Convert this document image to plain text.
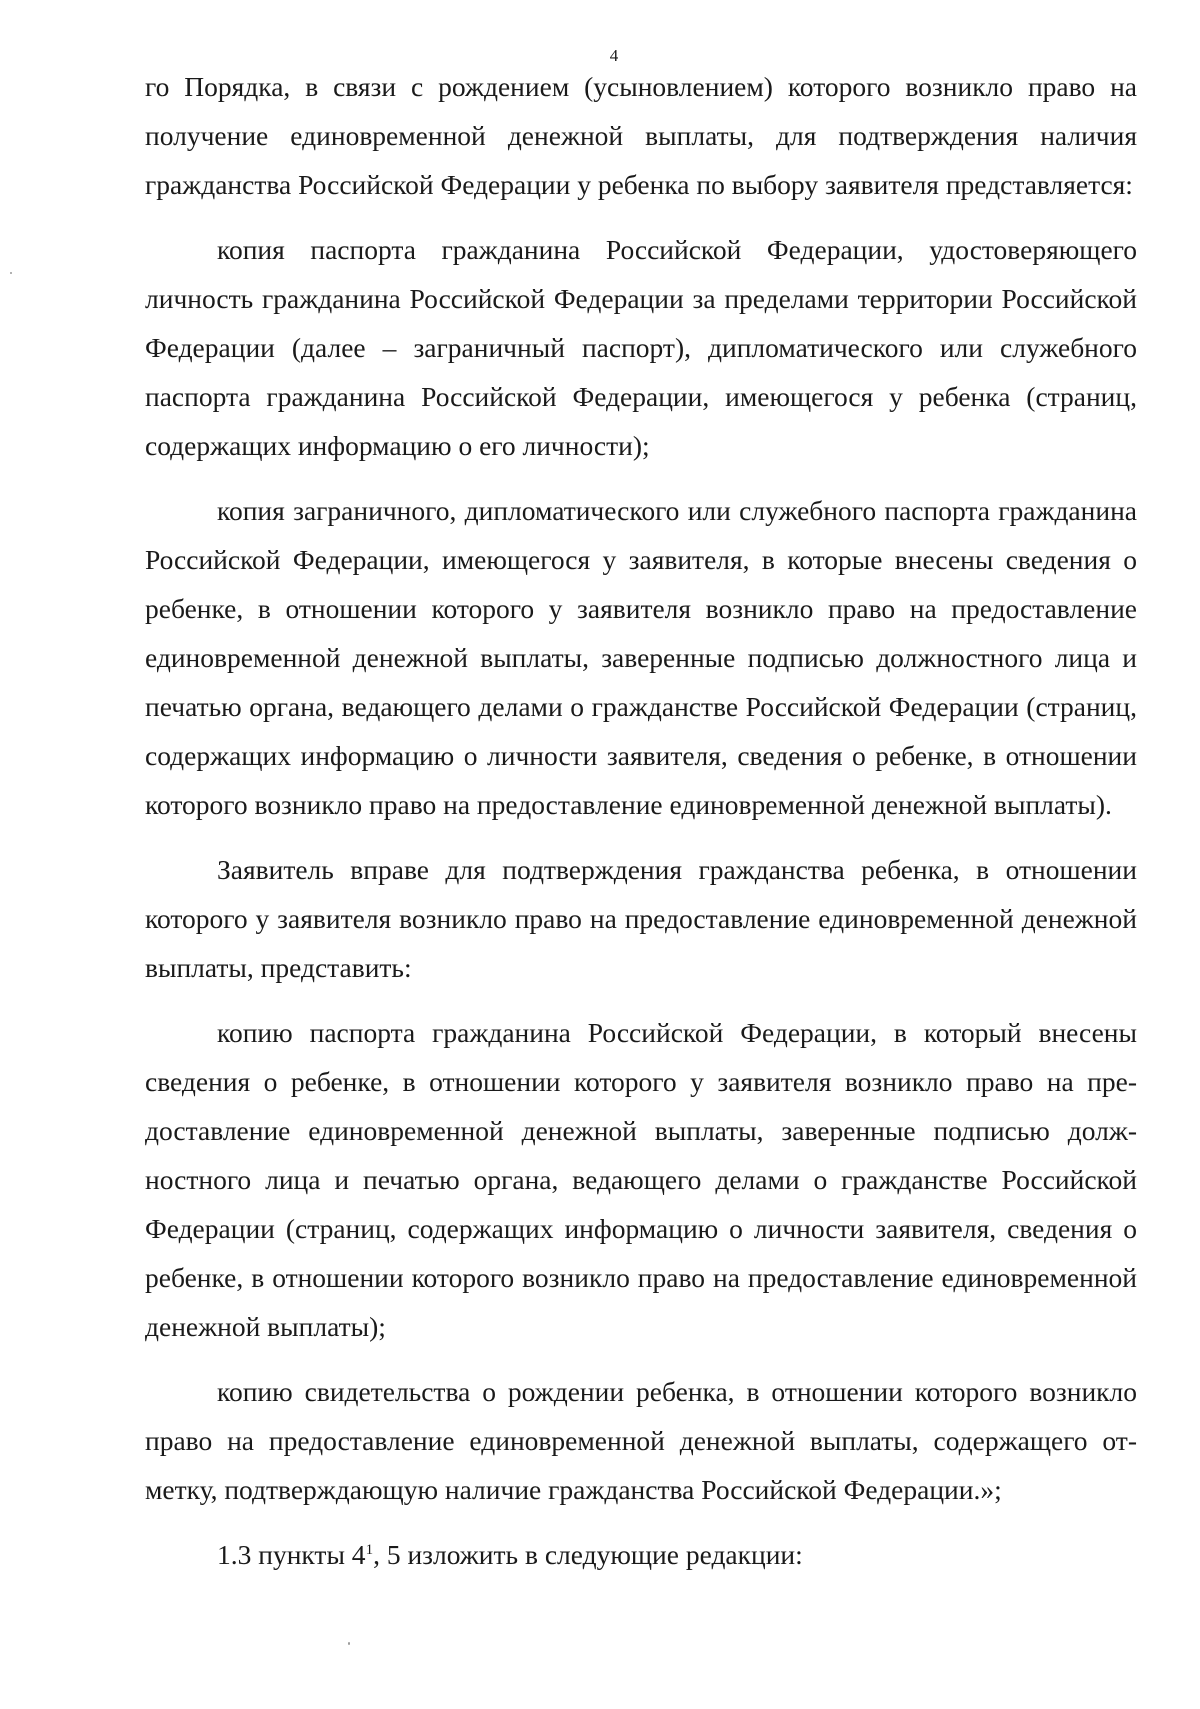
4

го Порядка, в связи с рождением (усыновлением) которого возникло право на получение единовременной денежной выплаты, для подтверждения наличия гражданства Российской Федерации у ребенка по выбору заявителя представляется:

копия паспорта гражданина Российской Федерации, удостоверяющего личность гражданина Российской Федерации за пределами территории Российской Федерации (далее – заграничный паспорт), дипломатического или служебного паспорта гражданина Российской Федерации, имеющегося у ребенка (страниц, содержащих информацию о его личности);

копия заграничного, дипломатического или служебного паспорта гражданина Российской Федерации, имеющегося у заявителя, в которые внесены сведения о ребенке, в отношении которого у заявителя возникло право на предоставление единовременной денежной выплаты, заверенные подписью должностного лица и печатью органа, ведающего делами о гражданстве Российской Федерации (страниц, содержащих информацию о личности заявителя, сведения о ребенке, в отношении которого возникло право на предоставление единовременной денежной выплаты).

Заявитель вправе для подтверждения гражданства ребенка, в отношении которого у заявителя возникло право на предоставление единовременной денежной выплаты, представить:

копию паспорта гражданина Российской Федерации, в который внесены сведения о ребенке, в отношении которого у заявителя возникло право на предоставление единовременной денежной выплаты, заверенные подписью должностного лица и печатью органа, ведающего делами о гражданстве Российской Федерации (страниц, содержащих информацию о личности заявителя, сведения о ребенке, в отношении которого возникло право на предоставление единовременной денежной выплаты);

копию свидетельства о рождении ребенка, в отношении которого возникло право на предоставление единовременной денежной выплаты, содержащего отметку, подтверждающую наличие гражданства Российской Федерации.»;

1.3 пункты $4^1$, 5 изложить в следующие редакции:
